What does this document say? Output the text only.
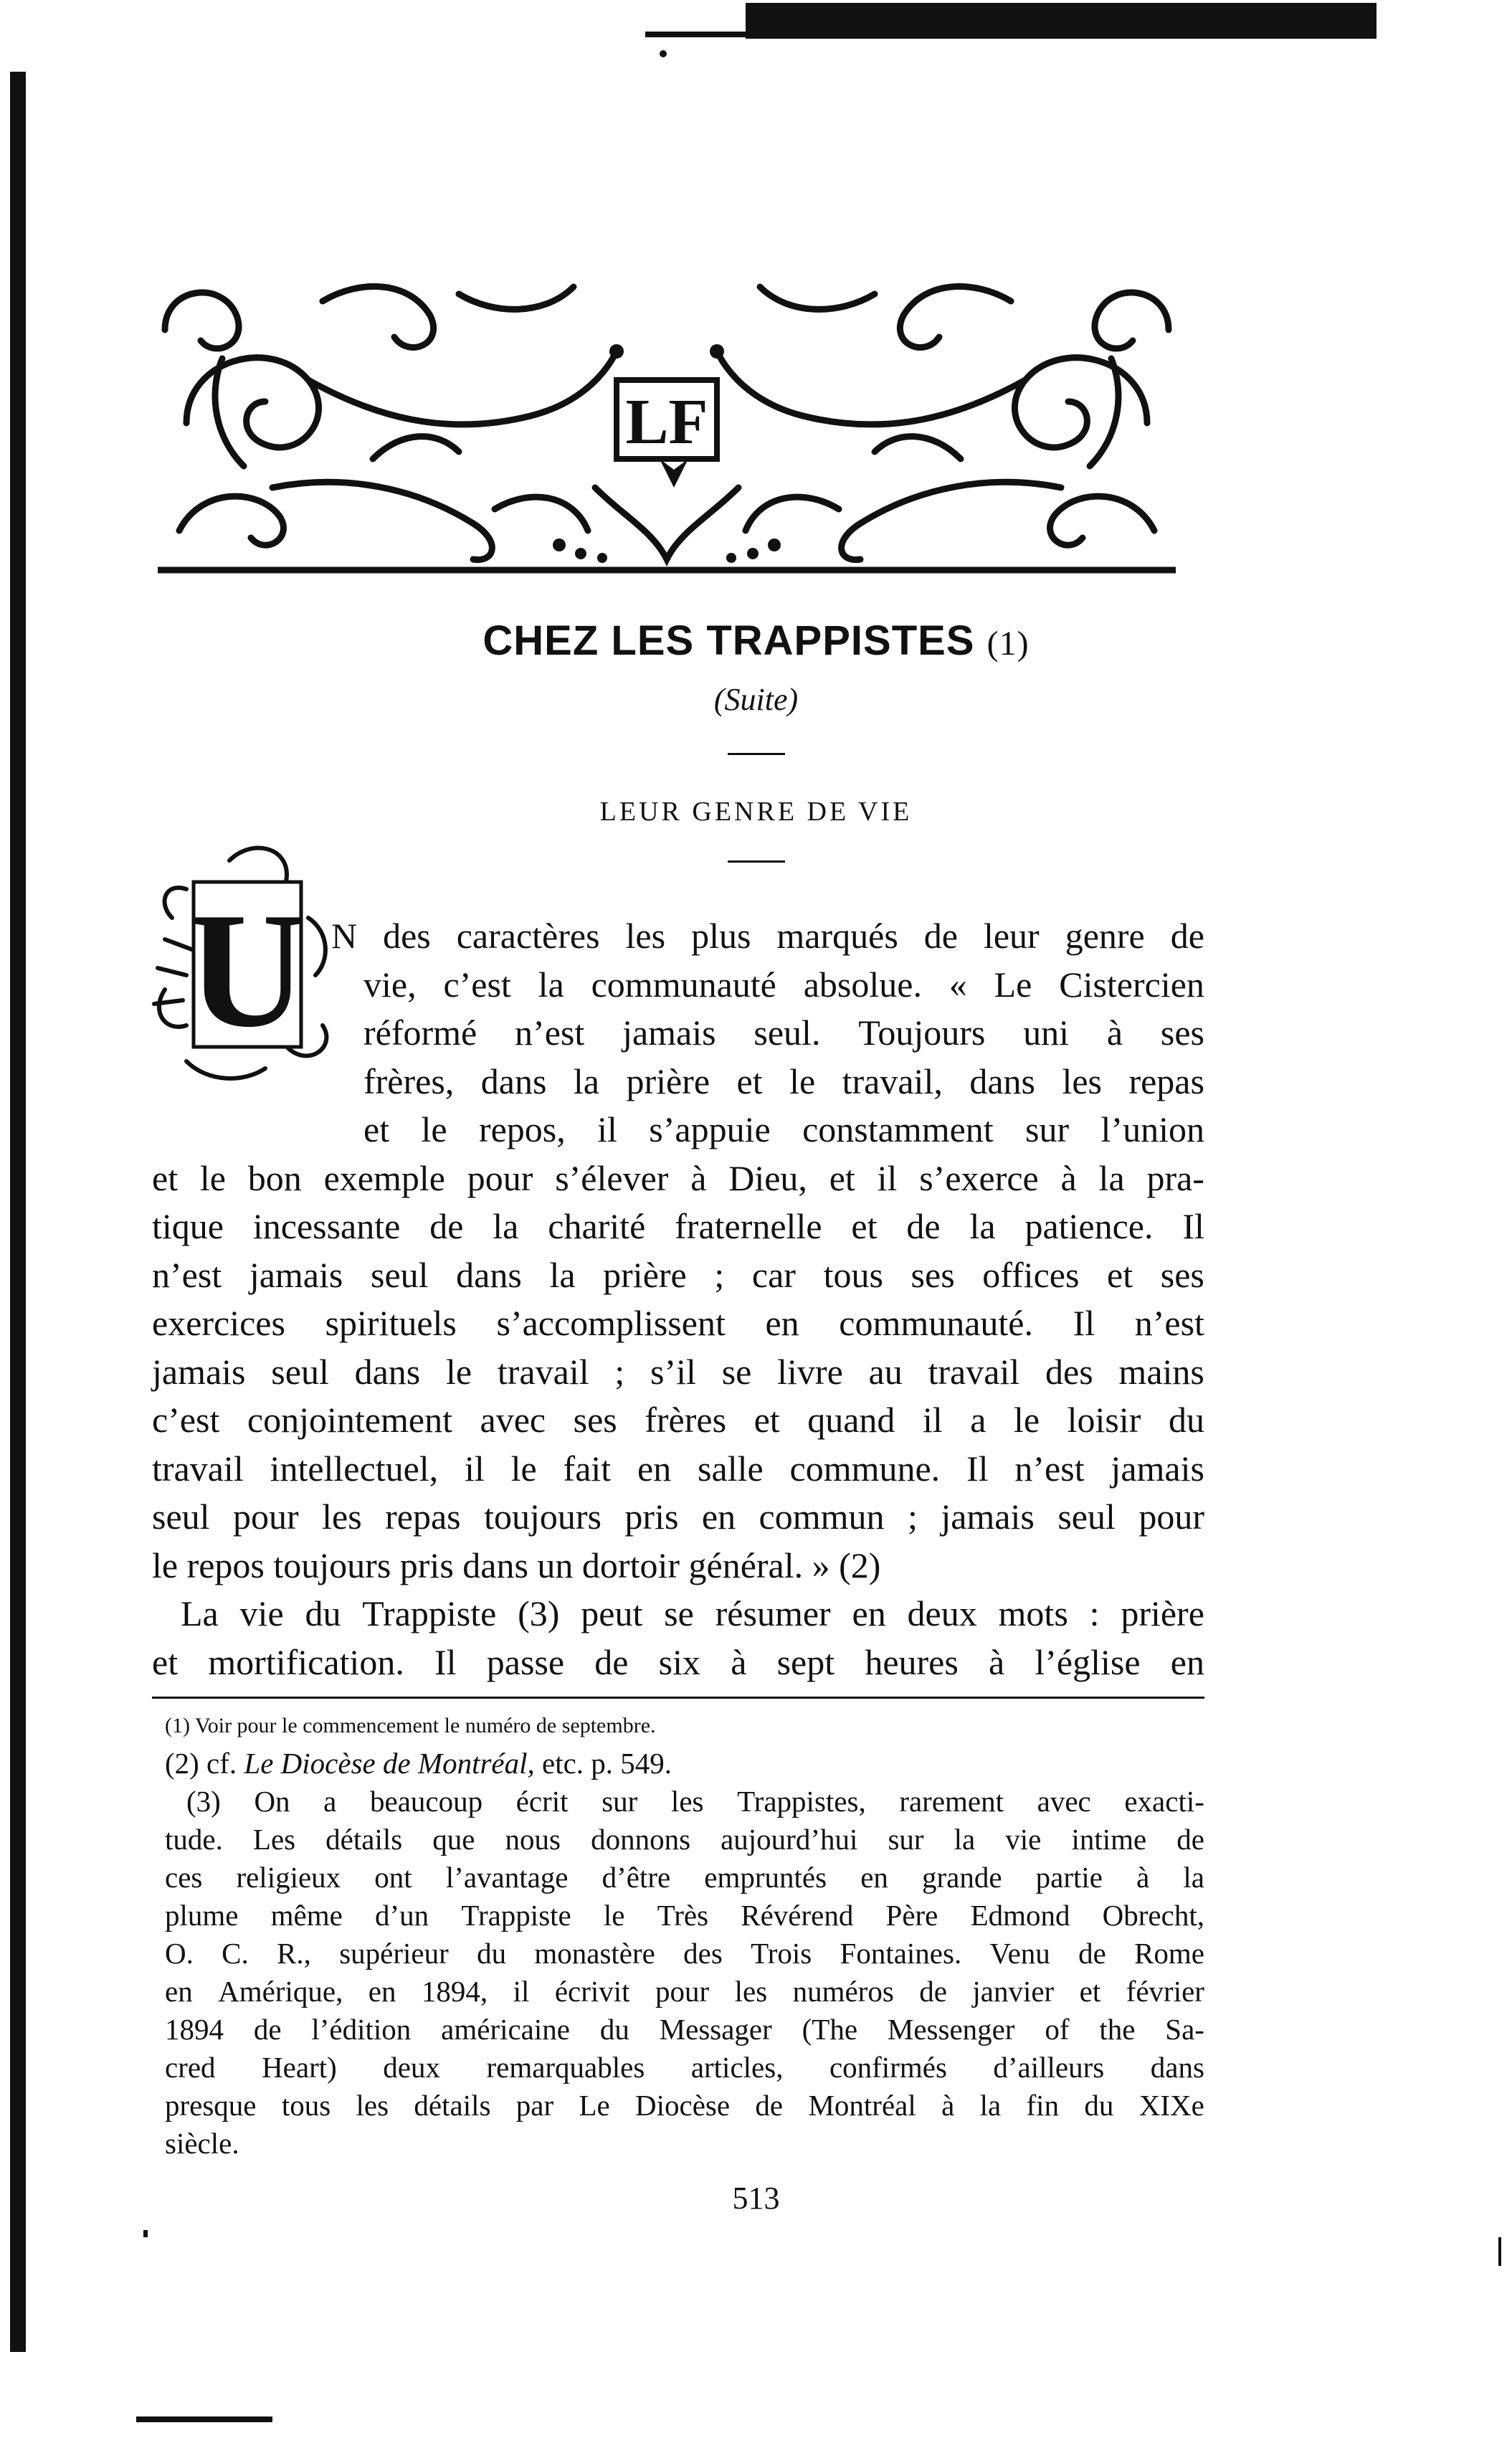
LF
CHEZ LES TRAPPISTES (1)
(Suite)
LEUR GENRE DE VIE
U N des caractères les plus marqués de leur genre de
vie, c’est la communauté absolue. « Le Cistercien
réformé n’est jamais seul. Toujours uni à ses
frères, dans la prière et le travail, dans les repas
et le repos, il s’appuie constamment sur l’union
et le bon exemple pour s’élever à Dieu, et il s’exerce à la pra-
tique incessante de la charité fraternelle et de la patience. Il
n’est jamais seul dans la prière ; car tous ses offices et ses
exercices spirituels s’accomplissent en communauté. Il n’est
jamais seul dans le travail ; s’il se livre au travail des mains
c’est conjointement avec ses frères et quand il a le loisir du
travail intellectuel, il le fait en salle commune. Il n’est jamais
seul pour les repas toujours pris en commun ; jamais seul pour
le repos toujours pris dans un dortoir général. » (2)
La vie du Trappiste (3) peut se résumer en deux mots : prière
et mortification. Il passe de six à sept heures à l’église en
(1) Voir pour le commencement le numéro de septembre.
(2) cf. Le Diocèse de Montréal, etc. p. 549.
(3) On a beaucoup écrit sur les Trappistes, rarement avec exacti-
tude. Les détails que nous donnons aujourd’hui sur la vie intime de
ces religieux ont l’avantage d’être empruntés en grande partie à la
plume même d’un Trappiste le Très Révérend Père Edmond Obrecht,
O. C. R., supérieur du monastère des Trois Fontaines. Venu de Rome
en Amérique, en 1894, il écrivit pour les numéros de janvier et février
1894 de l’édition américaine du Messager (The Messenger of the Sa-
cred Heart) deux remarquables articles, confirmés d’ailleurs dans
presque tous les détails par Le Diocèse de Montréal à la fin du XIXe
siècle.
513
